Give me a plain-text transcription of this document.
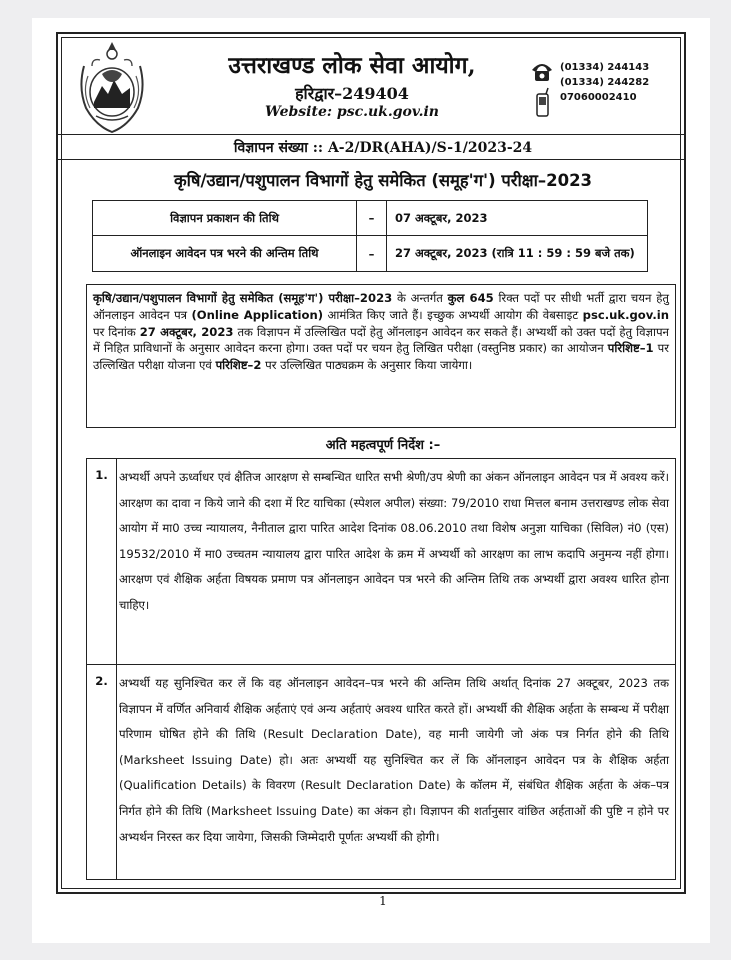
उत्तराखण्ड लोक सेवा आयोग,
हरिद्वार–249404
Website: psc.uk.gov.in
(01334) 244143
(01334) 244282
07060002410
विज्ञापन संख्या :: A-2/DR(AHA)/S-1/2023-24
कृषि/उद्यान/पशुपालन विभागों हेतु समेकित (समूह'ग') परीक्षा–2023
विज्ञापन प्रकाशन की तिथि	–	07 अक्टूबर, 2023
ऑनलाइन आवेदन पत्र भरने की अन्तिम तिथि	–	27 अक्टूबर, 2023 (रात्रि 11 : 59 : 59 बजे तक)
कृषि/उद्यान/पशुपालन विभागों हेतु समेकित (समूह'ग') परीक्षा–2023 के अन्तर्गत कुल 645 रिक्त पदों पर सीधी भर्ती द्वारा चयन हेतु ऑनलाइन आवेदन पत्र (Online Application) आमंत्रित किए जाते हैं। इच्छुक अभ्यर्थी आयोग की वेबसाइट psc.uk.gov.in पर दिनांक 27 अक्टूबर, 2023 तक विज्ञापन में उल्लिखित पदों हेतु ऑनलाइन आवेदन कर सकते हैं। अभ्यर्थी को उक्त पदों हेतु विज्ञापन में निहित प्राविधानों के अनुसार आवेदन करना होगा। उक्त पदों पर चयन हेतु लिखित परीक्षा (वस्तुनिष्ठ प्रकार) का आयोजन परिशिष्ट–1 पर उल्लिखित परीक्षा योजना एवं परिशिष्ट–2 पर उल्लिखित पाठ्यक्रम के अनुसार किया जायेगा।
अति महत्वपूर्ण निर्देश :–
1. अभ्यर्थी अपने ऊर्ध्वाधर एवं क्षैतिज आरक्षण से सम्बन्धित धारित सभी श्रेणी/उप श्रेणी का अंकन ऑनलाइन आवेदन पत्र में अवश्य करें। आरक्षण का दावा न किये जाने की दशा में रिट याचिका (स्पेशल अपील) संख्या: 79/2010 राधा मित्तल बनाम उत्तराखण्ड लोक सेवा आयोग में मा0 उच्च न्यायालय, नैनीताल द्वारा पारित आदेश दिनांक 08.06.2010 तथा विशेष अनुज्ञा याचिका (सिविल) नं0 (एस) 19532/2010 में मा0 उच्चतम न्यायालय द्वारा पारित आदेश के क्रम में अभ्यर्थी को आरक्षण का लाभ कदापि अनुमन्य नहीं होगा। आरक्षण एवं शैक्षिक अर्हता विषयक प्रमाण पत्र ऑनलाइन आवेदन पत्र भरने की अन्तिम तिथि तक अभ्यर्थी द्वारा अवश्य धारित होना चाहिए।
2. अभ्यर्थी यह सुनिश्चित कर लें कि वह ऑनलाइन आवेदन–पत्र भरने की अन्तिम तिथि अर्थात् दिनांक 27 अक्टूबर, 2023 तक विज्ञापन में वर्णित अनिवार्य शैक्षिक अर्हताएं एवं अन्य अर्हताएं अवश्य धारित करते हों। अभ्यर्थी की शैक्षिक अर्हता के सम्बन्ध में परीक्षा परिणाम घोषित होने की तिथि (Result Declaration Date), वह मानी जायेगी जो अंक पत्र निर्गत होने की तिथि (Marksheet Issuing Date) हो। अतः अभ्यर्थी यह सुनिश्चित कर लें कि ऑनलाइन आवेदन पत्र के शैक्षिक अर्हता (Qualification Details) के विवरण (Result Declaration Date) के कॉलम में, संबंधित शैक्षिक अर्हता के अंक–पत्र निर्गत होने की तिथि (Marksheet Issuing Date) का अंकन हो। विज्ञापन की शर्तानुसार वांछित अर्हताओं की पुष्टि न होने पर अभ्यर्थन निरस्त कर दिया जायेगा, जिसकी जिम्मेदारी पूर्णतः अभ्यर्थी की होगी।
1
